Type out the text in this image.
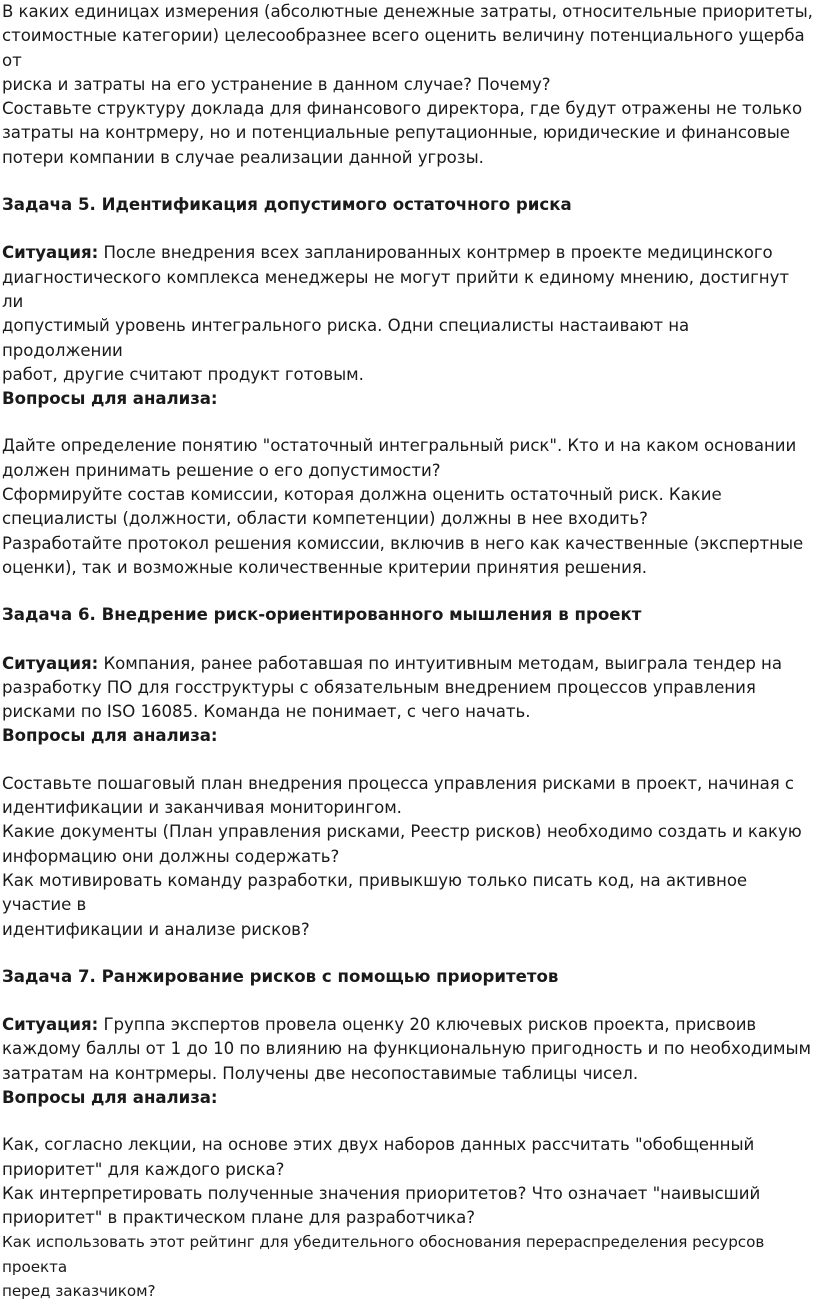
В каких единицах измерения (абсолютные денежные затраты, относительные приоритеты,
стоимостные категории) целесообразнее всего оценить величину потенциального ущерба от
риска и затраты на его устранение в данном случае? Почему?

Составьте структуру доклада для финансового директора, где будут отражены не только
затраты на контрмеру, но и потенциальные репутационные, юридические и финансовые
потери компании в случае реализации данной угрозы.

Задача 5. Идентификация допустимого остаточного риска

Ситуация: После внедрения всех запланированных контрмер в проекте медицинского
диагностического комплекса менеджеры не могут прийти к единому мнению, достигнут ли
допустимый уровень интегрального риска. Одни специалисты настаивают на продолжении
работ, другие считают продукт готовым.

Вопросы для анализа:

Дайте определение понятию "остаточный интегральный риск". Кто и на каком основании
должен принимать решение о его допустимости?

Сформируйте состав комиссии, которая должна оценить остаточный риск. Какие
специалисты (должности, области компетенции) должны в нее входить?

Разработайте протокол решения комиссии, включив в него как качественные (экспертные
оценки), так и возможные количественные критерии принятия решения.

Задача 6. Внедрение риск-ориентированного мышления в проект

Ситуация: Компания, ранее работавшая по интуитивным методам, выиграла тендер на
разработку ПО для госструктуры с обязательным внедрением процессов управления
рисками по ISO 16085. Команда не понимает, с чего начать.

Вопросы для анализа:

Составьте пошаговый план внедрения процесса управления рисками в проект, начиная с
идентификации и заканчивая мониторингом.

Какие документы (План управления рисками, Реестр рисков) необходимо создать и какую
информацию они должны содержать?

Как мотивировать команду разработки, привыкшую только писать код, на активное участие в
идентификации и анализе рисков?

Задача 7. Ранжирование рисков с помощью приоритетов

Ситуация: Группа экспертов провела оценку 20 ключевых рисков проекта, присвоив
каждому баллы от 1 до 10 по влиянию на функциональную пригодность и по необходимым
затратам на контрмеры. Получены две несопоставимые таблицы чисел.

Вопросы для анализа:

Как, согласно лекции, на основе этих двух наборов данных рассчитать "обобщенный
приоритет" для каждого риска?

Как интерпретировать полученные значения приоритетов? Что означает "наивысший
приоритет" в практическом плане для разработчика?

Как использовать этот рейтинг для убедительного обоснования перераспределения ресурсов проекта
перед заказчиком?
